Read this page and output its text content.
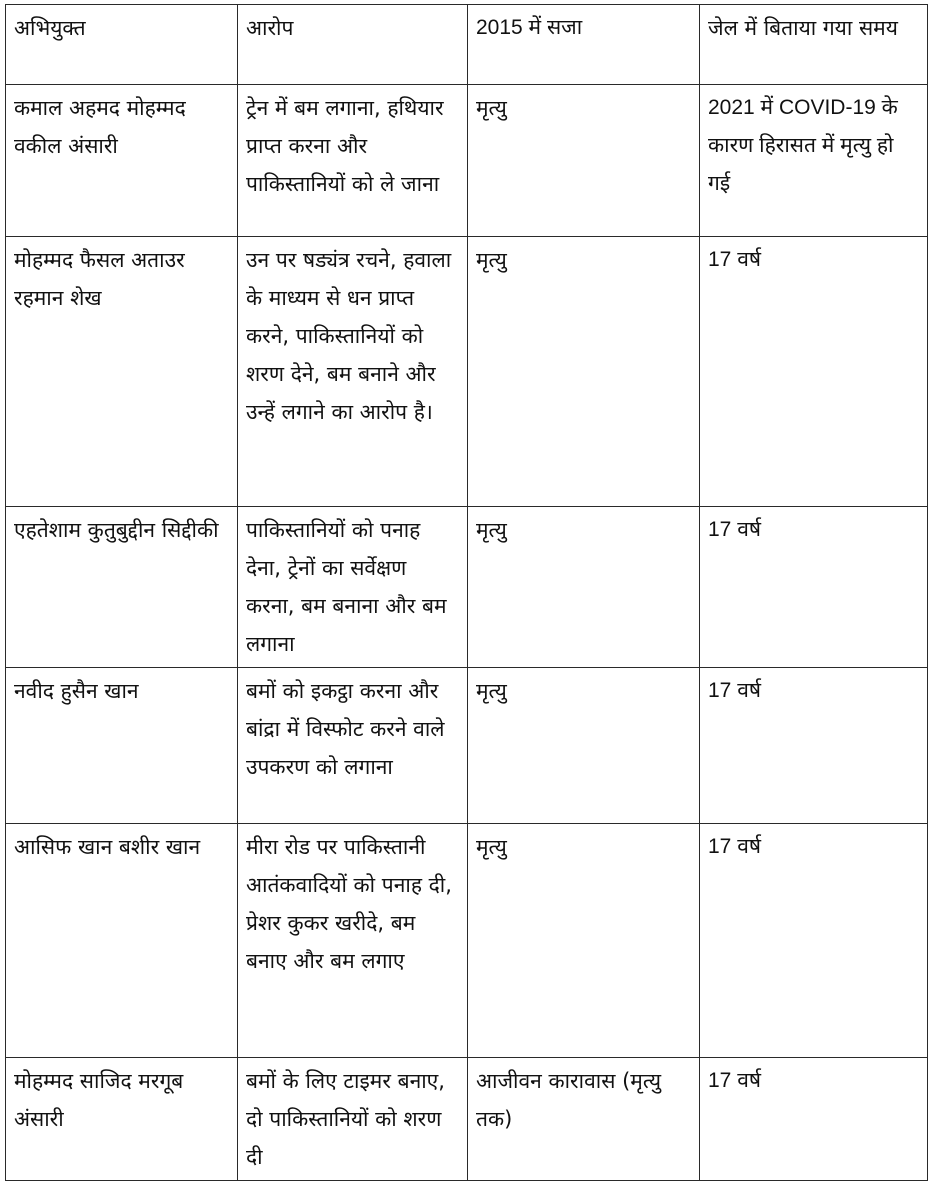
अभियुक्त	आरोप	2015 में सजा	जेल में बिताया गया समय
कमाल अहमद मोहम्मद वकील अंसारी	ट्रेन में बम लगाना, हथियार प्राप्त करना और पाकिस्तानियों को ले जाना	मृत्यु	2021 में COVID-19 के कारण हिरासत में मृत्यु हो गई
मोहम्मद फैसल अताउर रहमान शेख	उन पर षड्यंत्र रचने, हवाला के माध्यम से धन प्राप्त करने, पाकिस्तानियों को शरण देने, बम बनाने और उन्हें लगाने का आरोप है।	मृत्यु	17 वर्ष
एहतेशाम कुतुबुद्दीन सिद्दीकी	पाकिस्तानियों को पनाह देना, ट्रेनों का सर्वेक्षण करना, बम बनाना और बम लगाना	मृत्यु	17 वर्ष
नवीद हुसैन खान	बमों को इकट्ठा करना और बांद्रा में विस्फोट करने वाले उपकरण को लगाना	मृत्यु	17 वर्ष
आसिफ खान बशीर खान	मीरा रोड पर पाकिस्तानी आतंकवादियों को पनाह दी, प्रेशर कुकर खरीदे, बम बनाए और बम लगाए	मृत्यु	17 वर्ष
मोहम्मद साजिद मरगूब अंसारी	बमों के लिए टाइमर बनाए, दो पाकिस्तानियों को शरण दी	आजीवन कारावास (मृत्यु तक)	17 वर्ष
